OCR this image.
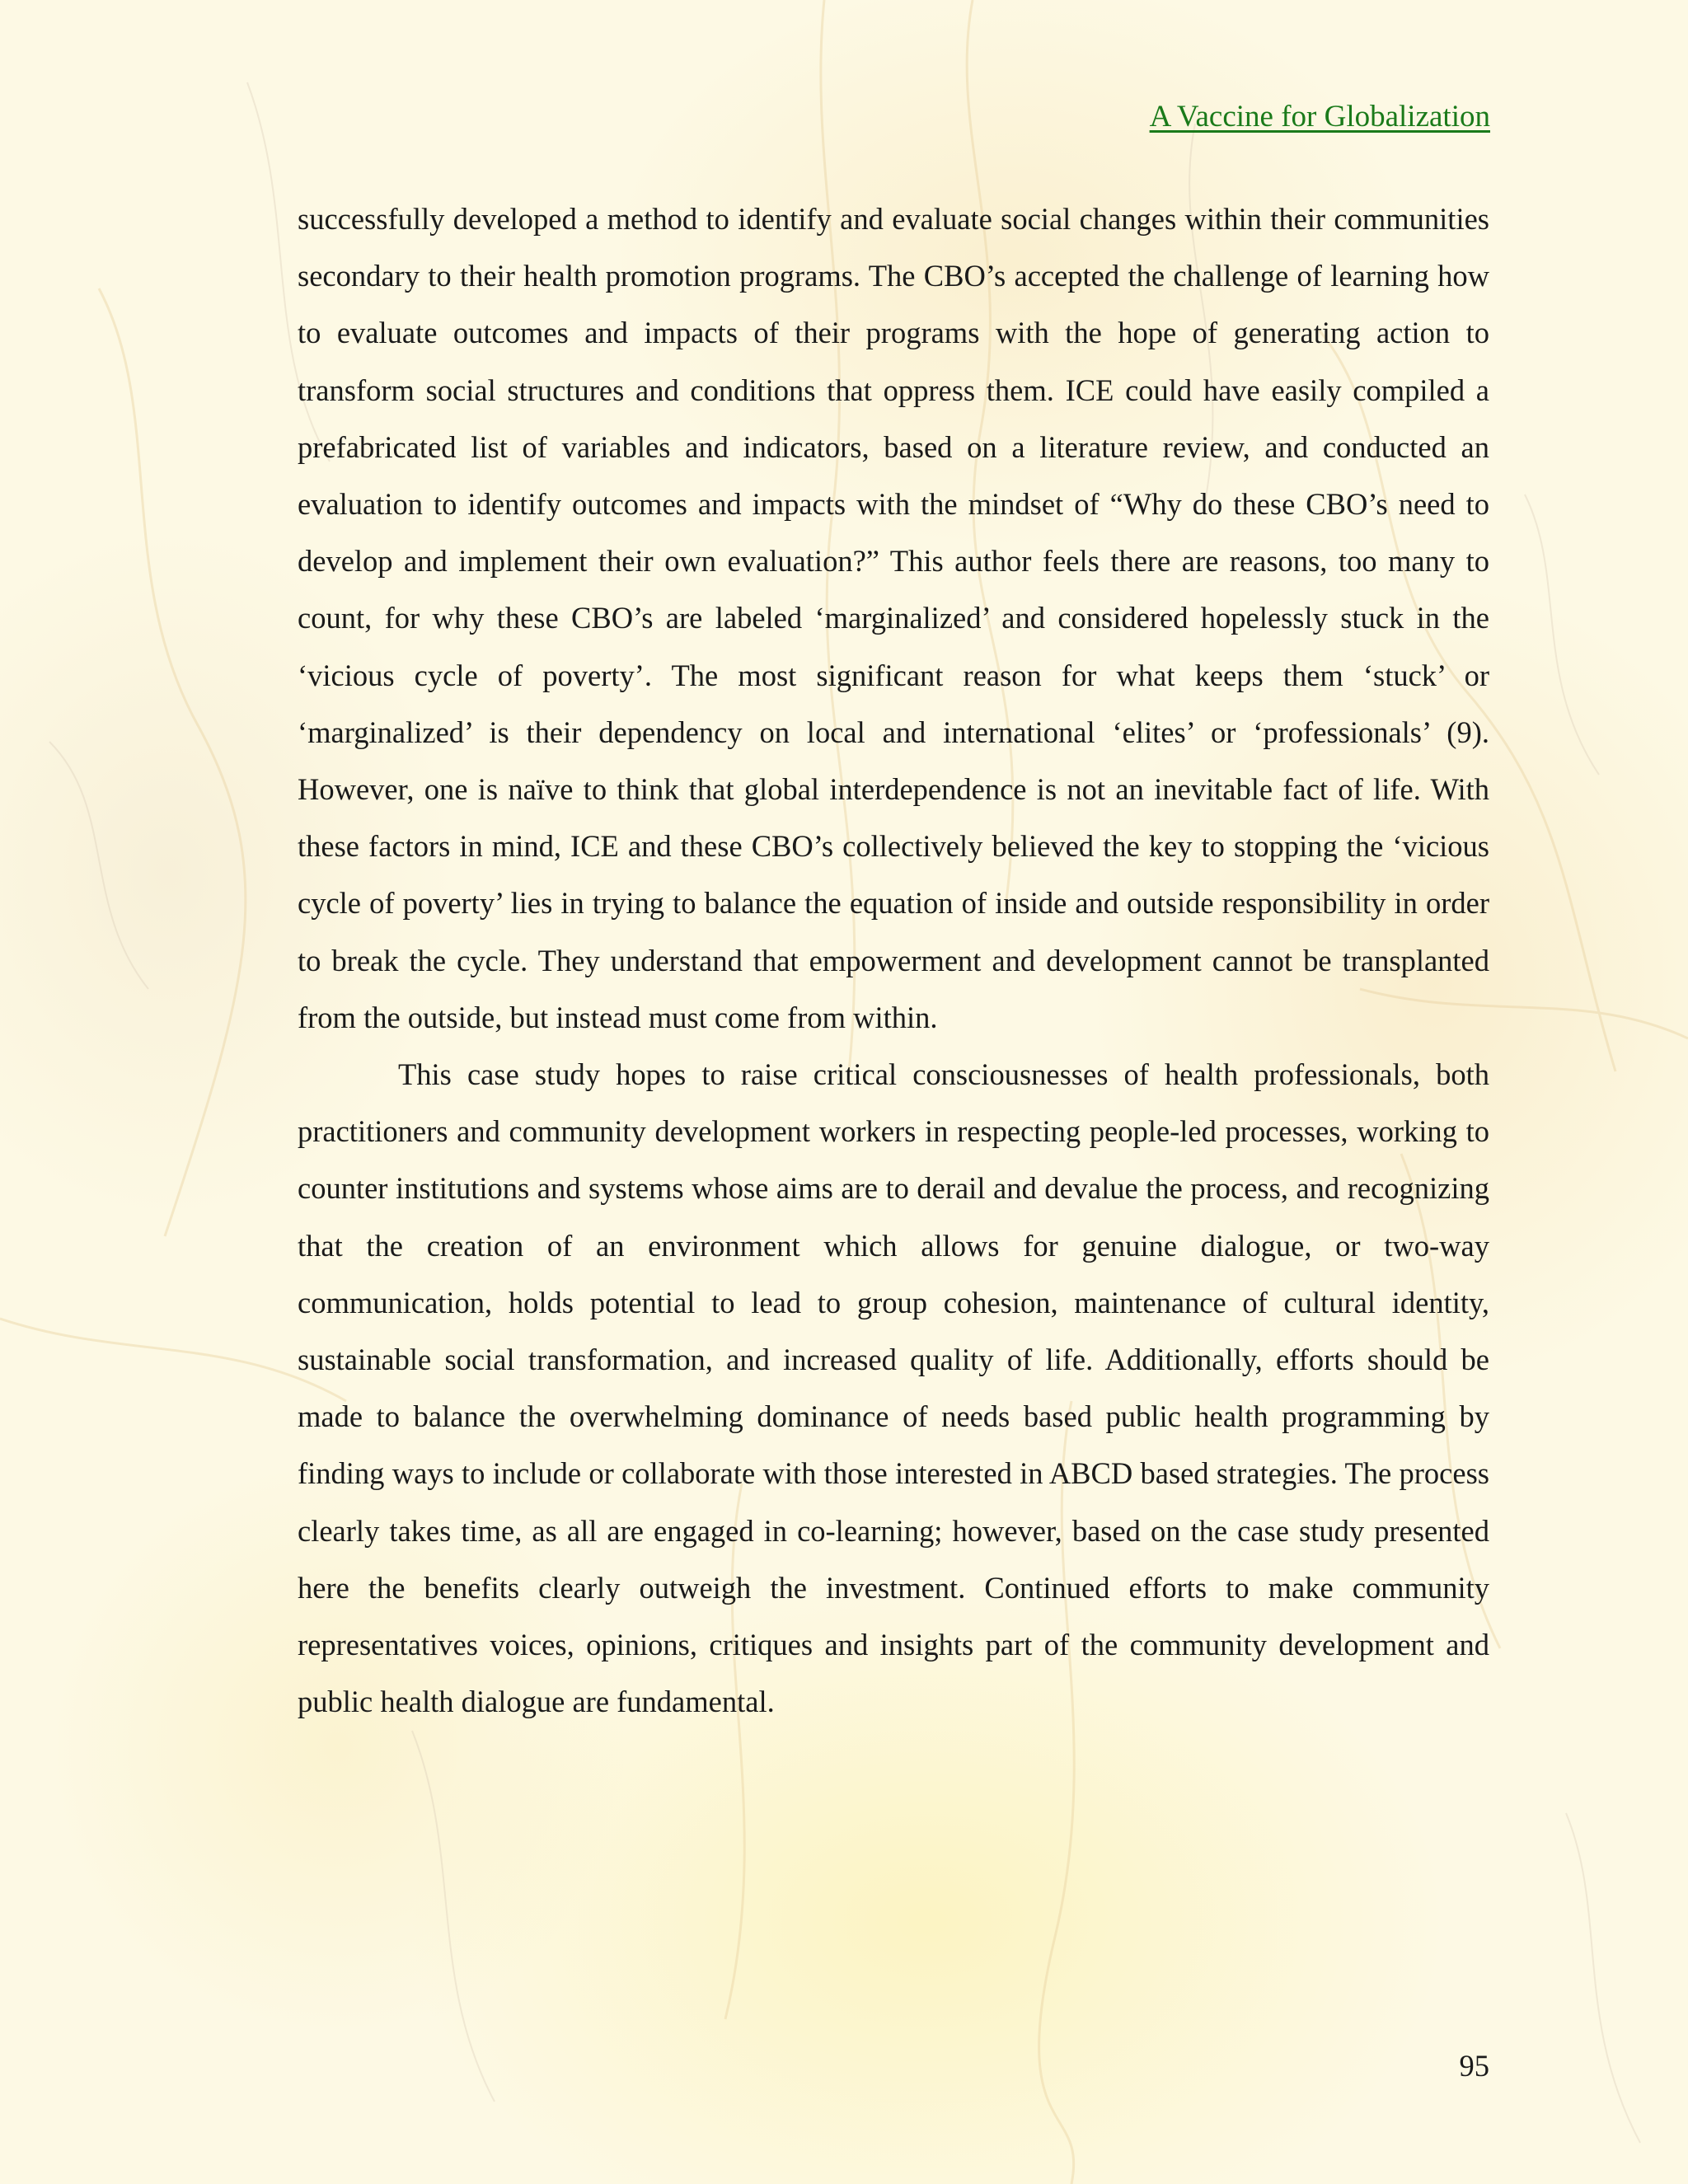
A Vaccine for Globalization

successfully developed a method to identify and evaluate social changes within their communities secondary to their health promotion programs. The CBO’s accepted the challenge of learning how to evaluate outcomes and impacts of their programs with the hope of generating action to transform social structures and conditions that oppress them. ICE could have easily compiled a prefabricated list of variables and indicators, based on a literature review, and conducted an evaluation to identify outcomes and impacts with the mindset of “Why do these CBO’s need to develop and implement their own evaluation?” This author feels there are reasons, too many to count, for why these CBO’s are labeled ‘marginalized’ and considered hopelessly stuck in the ‘vicious cycle of poverty’. The most significant reason for what keeps them ‘stuck’ or ‘marginalized’ is their dependency on local and international ‘elites’ or ‘professionals’ (9). However, one is naïve to think that global interdependence is not an inevitable fact of life. With these factors in mind, ICE and these CBO’s collectively believed the key to stopping the ‘vicious cycle of poverty’ lies in trying to balance the equation of inside and outside responsibility in order to break the cycle. They understand that empowerment and development cannot be transplanted from the outside, but instead must come from within.

This case study hopes to raise critical consciousnesses of health professionals, both practitioners and community development workers in respecting people-led processes, working to counter institutions and systems whose aims are to derail and devalue the process, and recognizing that the creation of an environment which allows for genuine dialogue, or two-way communication, holds potential to lead to group cohesion, maintenance of cultural identity, sustainable social transformation, and increased quality of life. Additionally, efforts should be made to balance the overwhelming dominance of needs based public health programming by finding ways to include or collaborate with those interested in ABCD based strategies. The process clearly takes time, as all are engaged in co-learning; however, based on the case study presented here the benefits clearly outweigh the investment. Continued efforts to make community representatives voices, opinions, critiques and insights part of the community development and public health dialogue are fundamental.

95
